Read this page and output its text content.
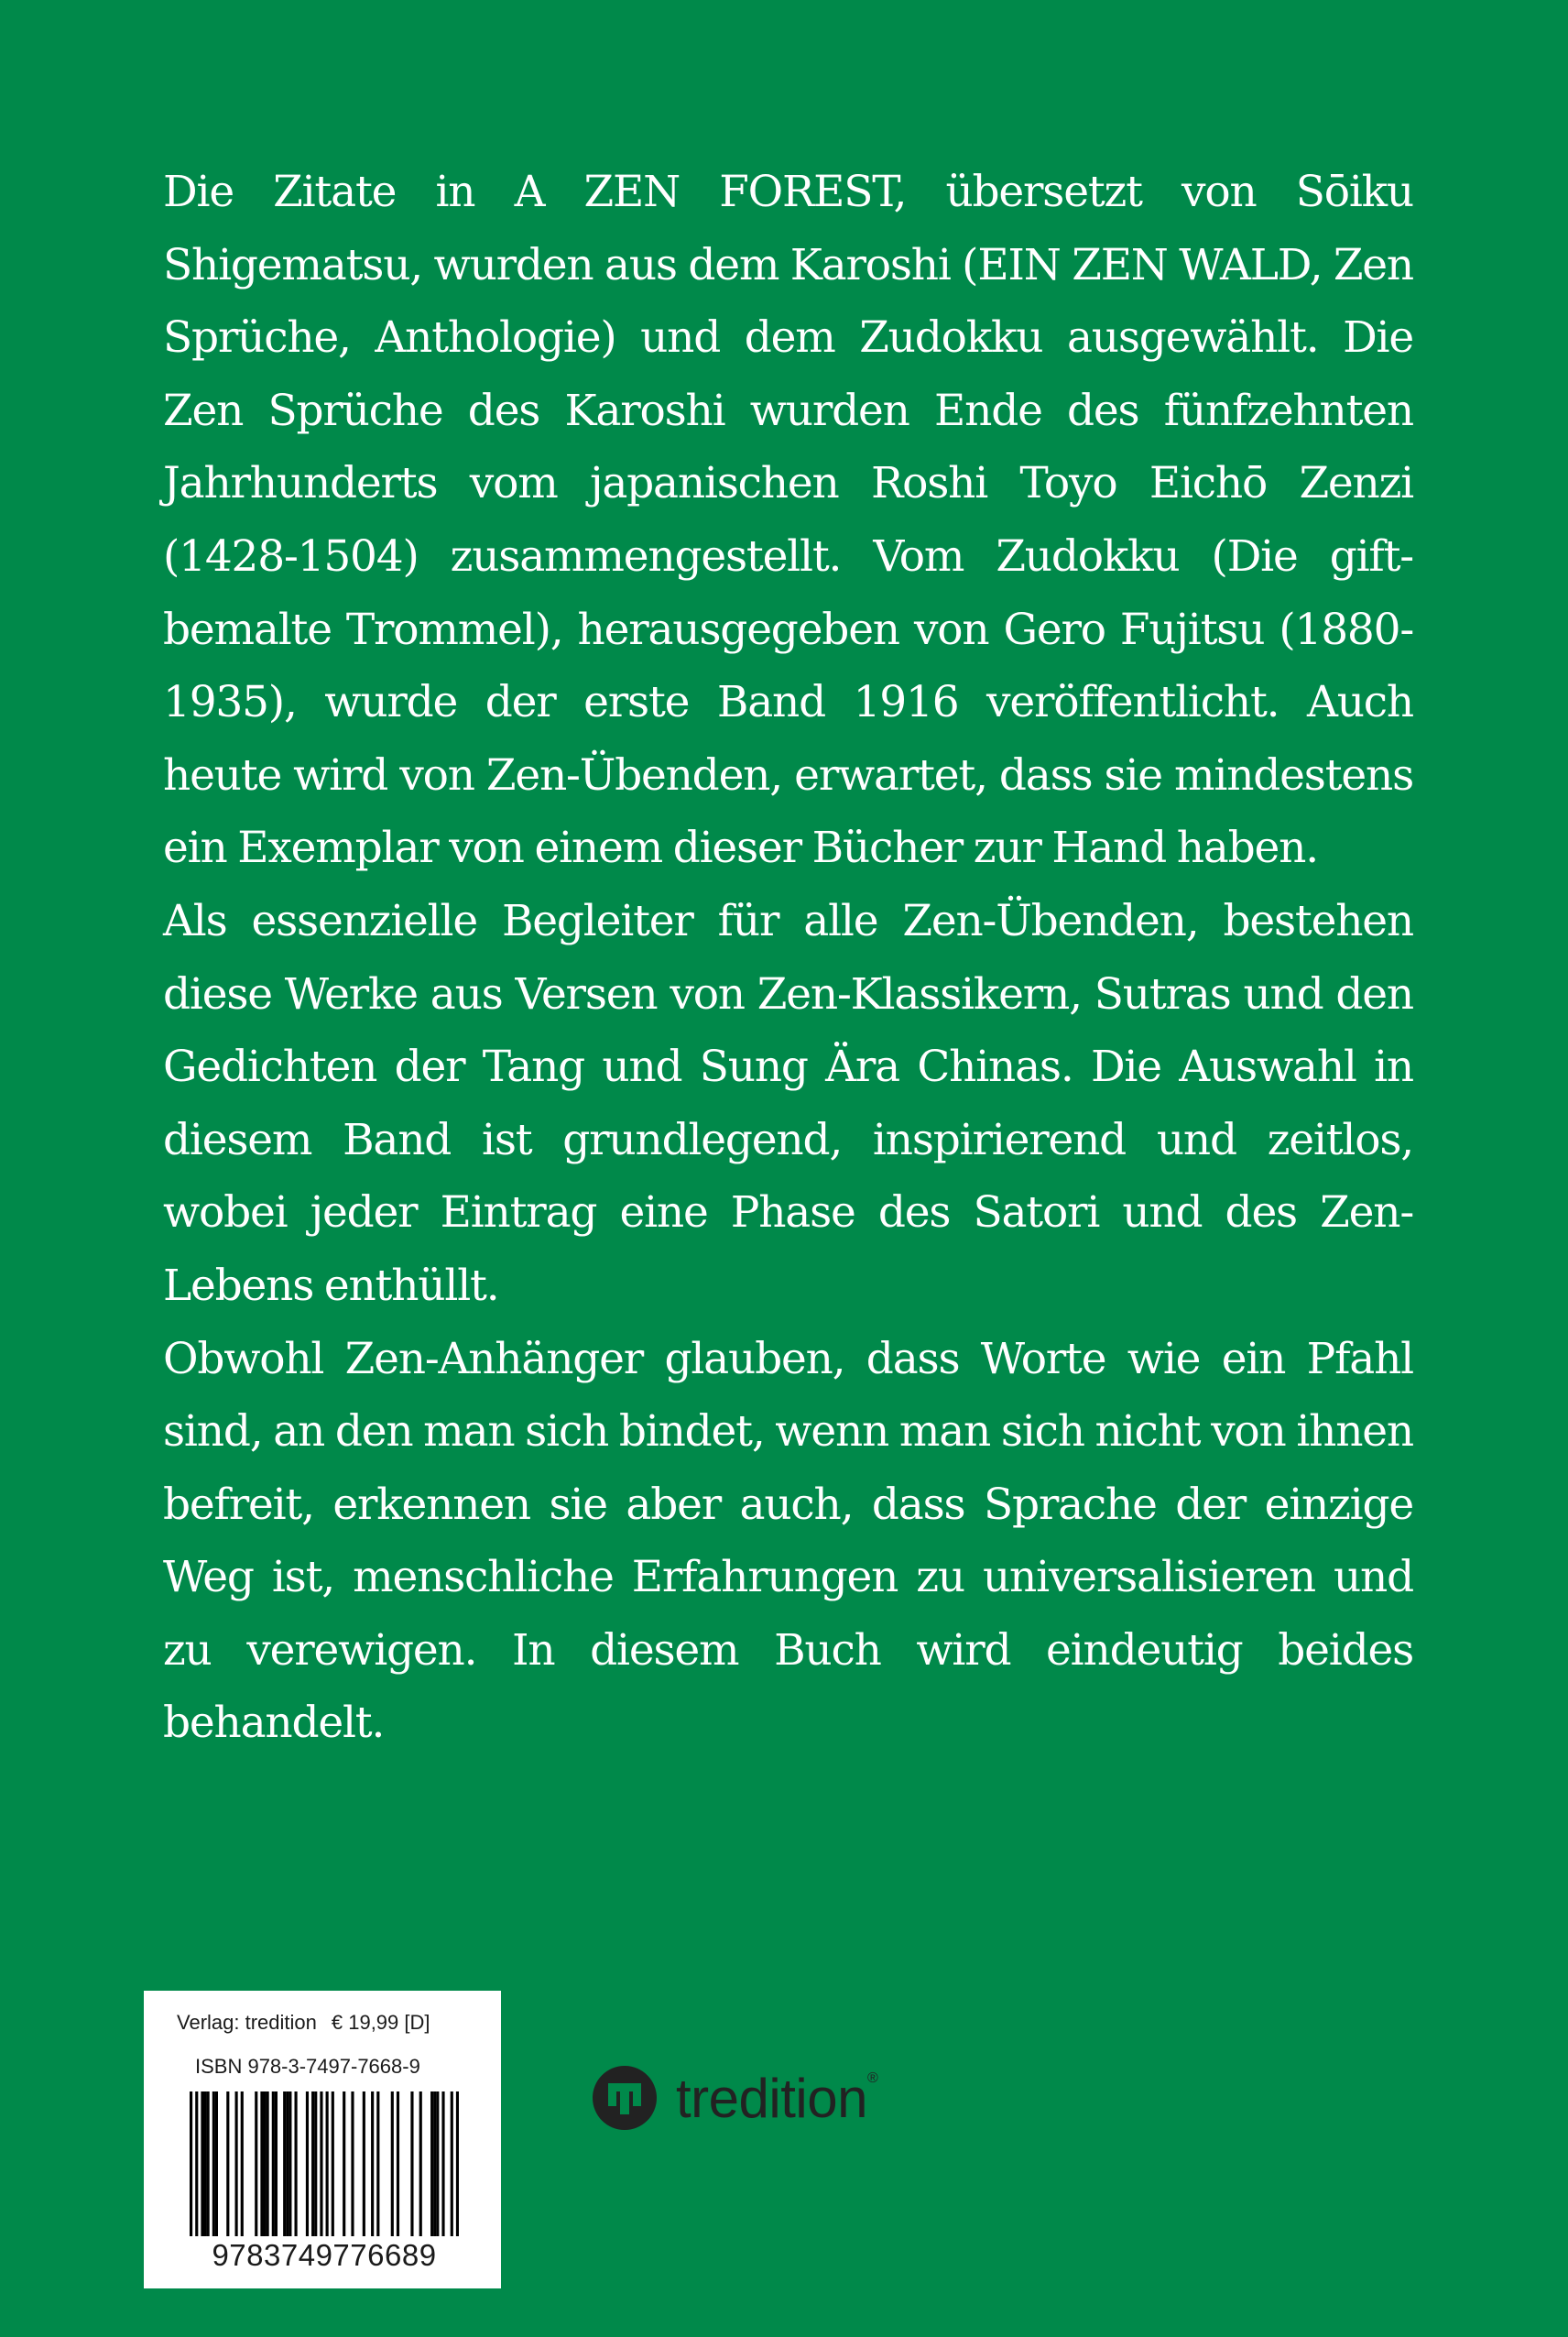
Die Zitate in A ZEN FOREST, übersetzt von Sōiku Shigematsu, wurden aus dem Karoshi (EIN ZEN WALD, Zen Sprüche, Anthologie) und dem Zudokku ausgewählt. Die Zen Sprüche des Karoshi wurden Ende des fünfzehnten Jahrhunderts vom japanischen Roshi Toyo Eichō Zenzi (1428-1504) zusammengestellt. Vom Zudokku (Die gift-bemalte Trommel), herausgegeben von Gero Fujitsu (1880-1935), wurde der erste Band 1916 veröffentlicht. Auch heute wird von Zen-Übenden, erwartet, dass sie mindestens ein Exemplar von einem dieser Bücher zur Hand haben.

Als essenzielle Begleiter für alle Zen-Übenden, bestehen diese Werke aus Versen von Zen-Klassikern, Sutras und den Gedichten der Tang und Sung Ära Chinas. Die Auswahl in diesem Band ist grundlegend, inspirierend und zeitlos, wobei jeder Eintrag eine Phase des Satori und des Zen-Lebens enthüllt.

Obwohl Zen-Anhänger glauben, dass Worte wie ein Pfahl sind, an den man sich bindet, wenn man sich nicht von ihnen befreit, erkennen sie aber auch, dass Sprache der einzige Weg ist, menschliche Erfahrungen zu universalisieren und zu verewigen. In diesem Buch wird eindeutig beides behandelt.

Verlag: tredition € 19,99 [D]
ISBN 978-3-7497-7668-9
9783749776689
tredition ®
